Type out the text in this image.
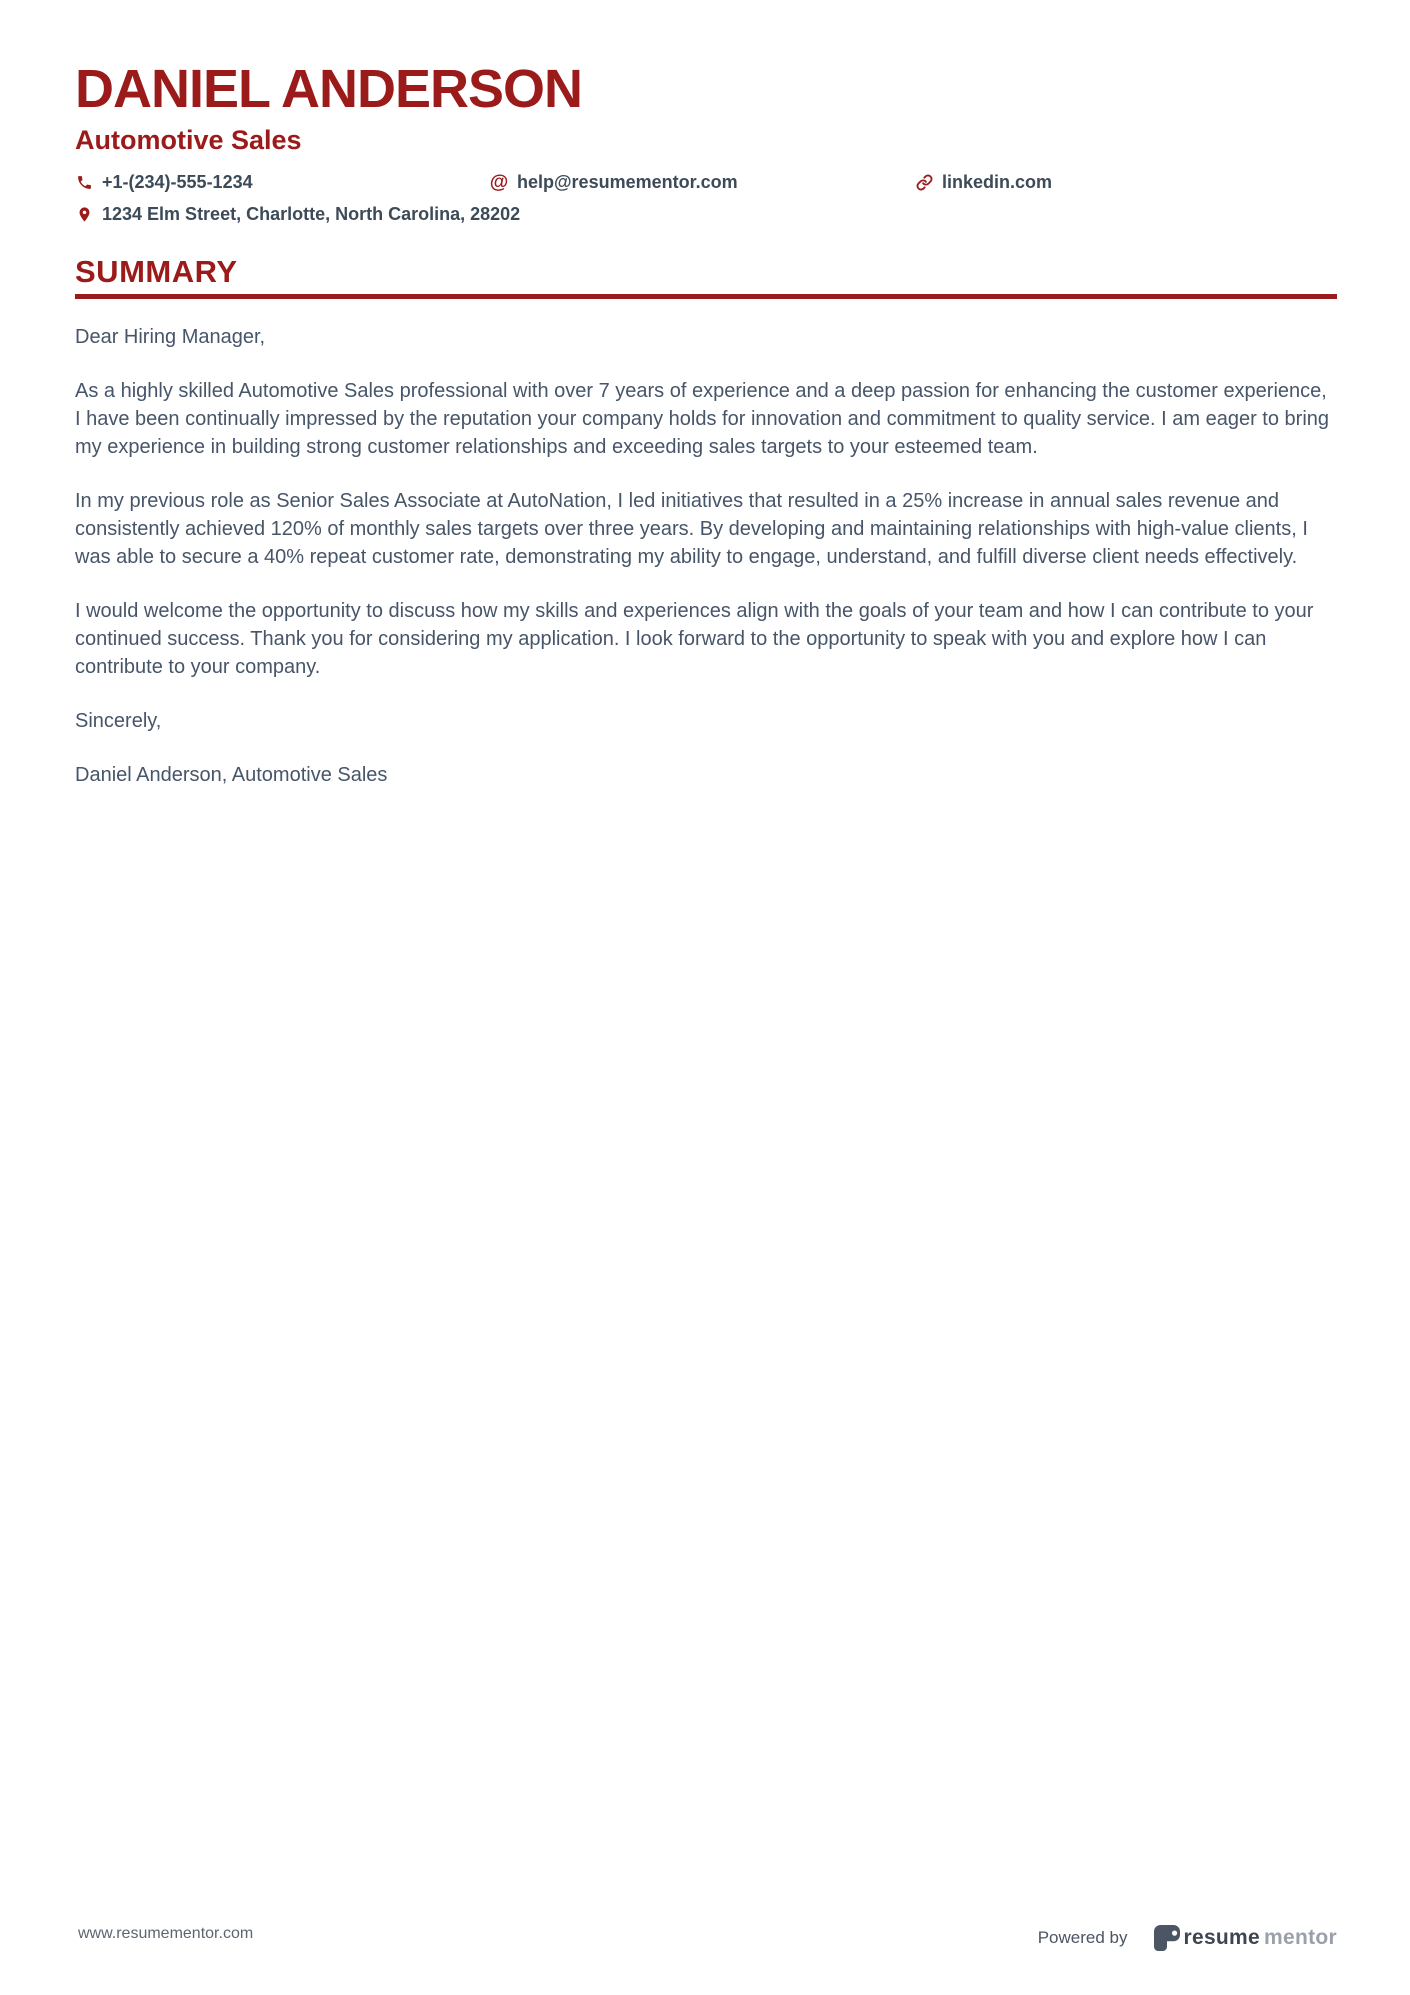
DANIEL ANDERSON
Automotive Sales
+1-(234)-555-1234	@ help@resumementor.com	linkedin.com
1234 Elm Street, Charlotte, North Carolina, 28202
SUMMARY

Dear Hiring Manager,

As a highly skilled Automotive Sales professional with over 7 years of experience and a deep passion for enhancing the customer experience, I have been continually impressed by the reputation your company holds for innovation and commitment to quality service. I am eager to bring my experience in building strong customer relationships and exceeding sales targets to your esteemed team.

In my previous role as Senior Sales Associate at AutoNation, I led initiatives that resulted in a 25% increase in annual sales revenue and consistently achieved 120% of monthly sales targets over three years. By developing and maintaining relationships with high-value clients, I was able to secure a 40% repeat customer rate, demonstrating my ability to engage, understand, and fulfill diverse client needs effectively.

I would welcome the opportunity to discuss how my skills and experiences align with the goals of your team and how I can contribute to your continued success. Thank you for considering my application. I look forward to the opportunity to speak with you and explore how I can contribute to your company.

Sincerely,

Daniel Anderson, Automotive Sales

www.resumementor.com	Powered by	resume mentor
